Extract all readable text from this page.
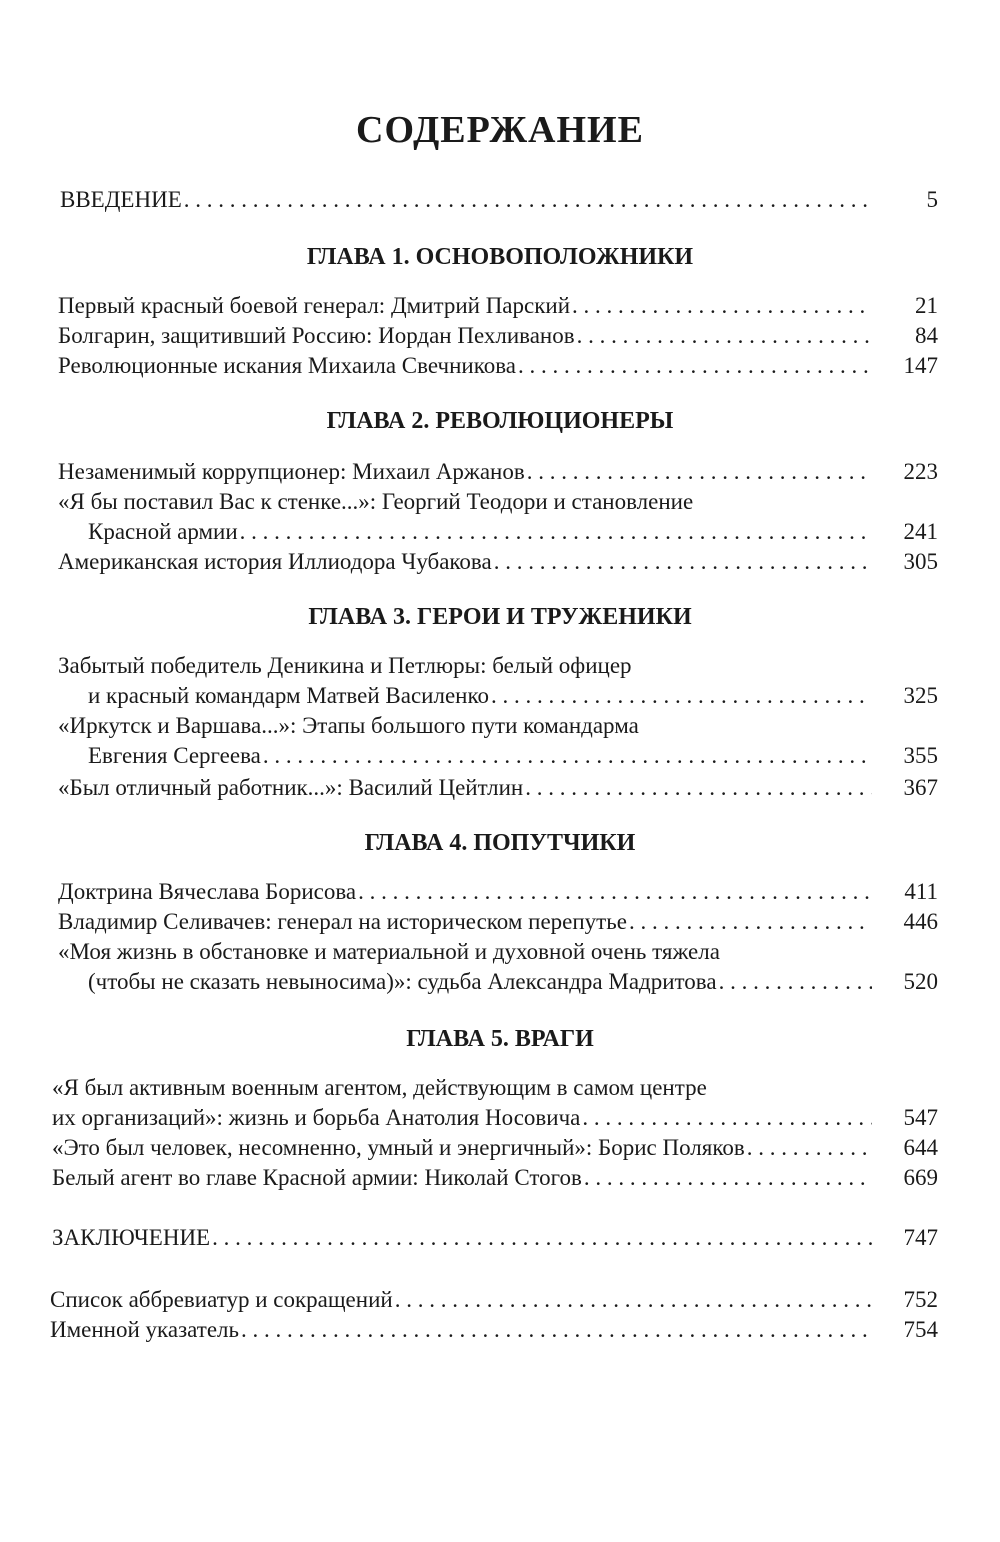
СОДЕРЖАНИЕ
ВВЕДЕНИЕ . . .	5
ГЛАВА 1. ОСНОВОПОЛОЖНИКИ
Первый красный боевой генерал: Дмитрий Парский . . .	21
Болгарин, защитивший Россию: Иордан Пехливанов . . .	84
Революционные искания Михаила Свечникова . . .	147
ГЛАВА 2. РЕВОЛЮЦИОНЕРЫ
Незаменимый коррупционер: Михаил Аржанов . . .	223
«Я бы поставил Вас к стенке...»: Георгий Теодори и становление
Красной армии . . .	241
Американская история Иллиодора Чубакова . . .	305
ГЛАВА 3. ГЕРОИ И ТРУЖЕНИКИ
Забытый победитель Деникина и Петлюры: белый офицер
и красный командарм Матвей Василенко . . .	325
«Иркутск и Варшава...»: Этапы большого пути командарма
Евгения Сергеева . . .	355
«Был отличный работник...»: Василий Цейтлин . . .	367
ГЛАВА 4. ПОПУТЧИКИ
Доктрина Вячеслава Борисова . . .	411
Владимир Селивачев: генерал на историческом перепутье . . .	446
«Моя жизнь в обстановке и материальной и духовной очень тяжела
(чтобы не сказать невыносима)»: судьба Александра Мадритова . . .	520
ГЛАВА 5. ВРАГИ
«Я был активным военным агентом, действующим в самом центре
их организаций»: жизнь и борьба Анатолия Носовича . . .	547
«Это был человек, несомненно, умный и энергичный»: Борис Поляков . . .	644
Белый агент во главе Красной армии: Николай Стогов . . .	669
ЗАКЛЮЧЕНИЕ . . .	747
Список аббревиатур и сокращений . . .	752
Именной указатель . . .	754
